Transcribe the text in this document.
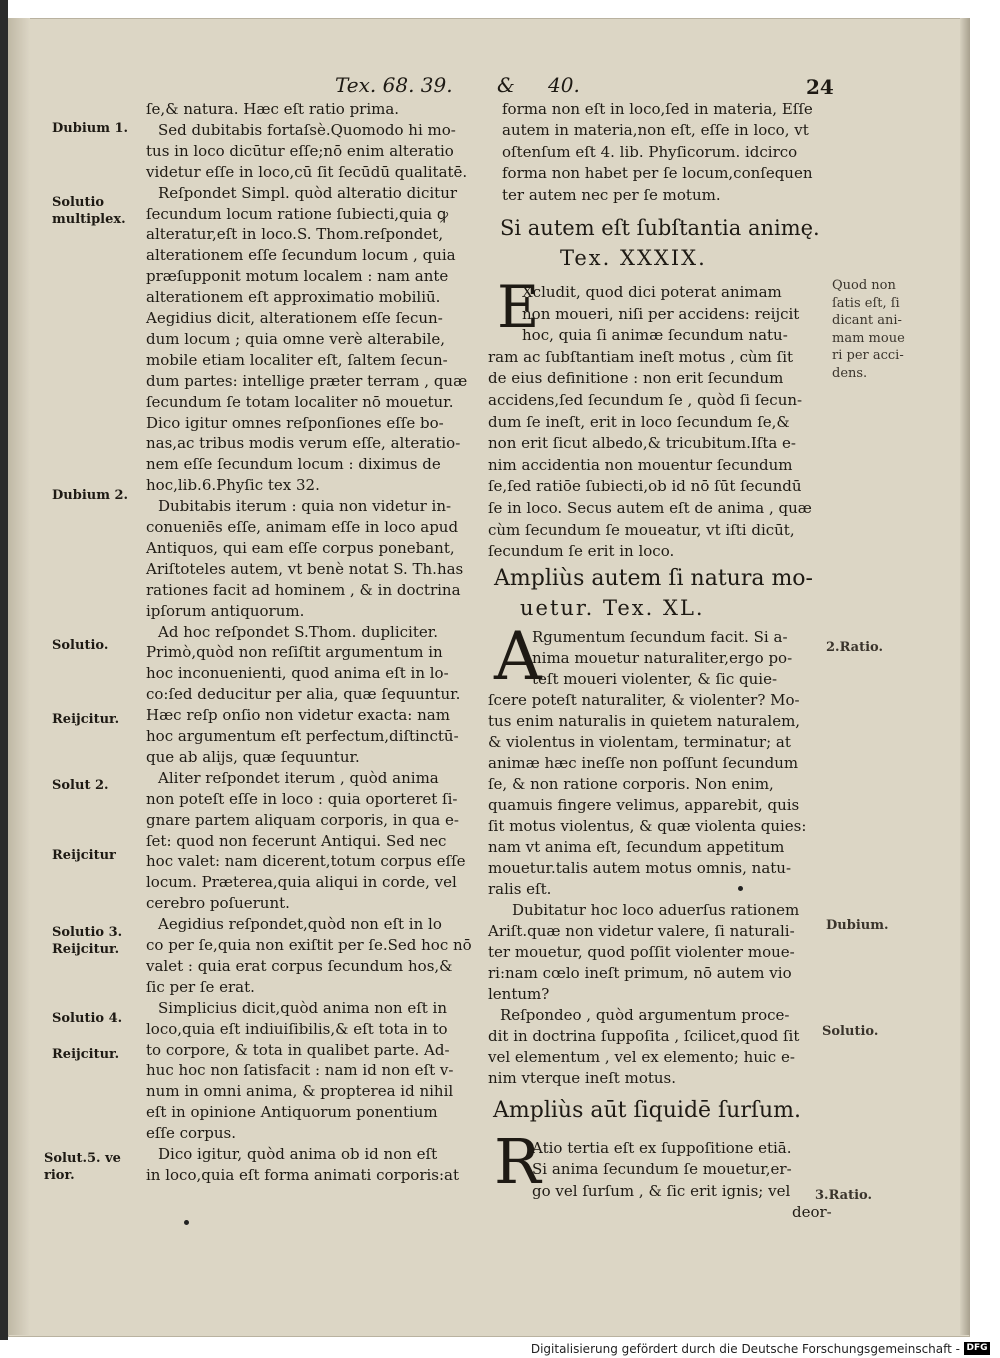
Tex. 68. 39. & 40.	24
ſe,& natura. Hæc eſt ratio prima.
Sed dubitabis fortaſsè.Quomodo hi mo-
tus in loco dicūtur eſſe;nō enim alteratio
videtur eſſe in loco,cū ſit ſecūdū qualitatē.
Reſpondet Simpl. quòd alteratio dicitur
ſecundum locum ratione ſubiecti,quia ꝙ
alteratur,eſt in loco.S. Thom.reſpondet,
alterationem eſſe ſecundum locum , quia
præſupponit motum localem : nam ante
alterationem eſt approximatio mobiliū.
Aegidius dicit, alterationem eſſe ſecun-
dum locum ; quia omne verè alterabile,
mobile etiam localiter eſt, ſaltem ſecun-
dum partes: intellige præter terram , quæ
ſecundum ſe totam localiter nō mouetur.
Dico igitur omnes reſponſiones eſſe bo-
nas,ac tribus modis verum eſſe, alteratio-
nem eſſe ſecundum locum : diximus de
hoc,lib.6.Phyſic tex 32.
Dubitabis iterum : quia non videtur in-
conueniēs eſſe, animam eſſe in loco apud
Antiquos, qui eam eſſe corpus ponebant,
Ariſtoteles autem, vt benè notat S. Th.has
rationes facit ad hominem , & in doctrina
ipſorum antiquorum.
Ad hoc reſpondet S.Thom. dupliciter.
Primò,quòd non reſiſtit argumentum in
hoc inconuenienti, quod anima eſt in lo-
co:ſed deducitur per alia, quæ ſequuntur.
Hæc reſp onſio non videtur exacta: nam
hoc argumentum eſt perfectum,diſtinctū-
que ab alijs, quæ ſequuntur.
Aliter reſpondet iterum , quòd anima
non poteſt eſſe in loco : quia oporteret ſi-
gnare partem aliquam corporis, in qua e-
ſet: quod non fecerunt Antiqui. Sed nec
hoc valet: nam dicerent,totum corpus eſſe
locum. Præterea,quia aliqui in corde, vel
cerebro poſuerunt.
Aegidius reſpondet,quòd non eſt in lo
co per ſe,quia non exiſtit per ſe.Sed hoc nō
valet : quia erat corpus ſecundum hos,&
ſic per ſe erat.
Simplicius dicit,quòd anima non eſt in
loco,quia eſt indiuiſibilis,& eſt tota in to
to corpore, & tota in qualibet parte. Ad-
huc hoc non ſatisfacit : nam id non eſt v-
num in omni anima, & propterea id nihil
eſt in opinione Antiquorum ponentium
eſſe corpus.
Dico igitur, quòd anima ob id non eſt
in loco,quia eſt forma animati corporis:at
Dubium 1.
Solutio
multiplex.
Dubium 2.
Solutio.
Reijcitur.
Solut 2.
Reijcitur
Solutio 3.
Reijcitur.
Solutio 4.
Reijcitur.
Solut.5. ve
rior.
forma non eſt in loco,ſed in materia, Eſſe
autem in materia,non eſt, eſſe in loco, vt
oſtenſum eſt 4. lib. Phyſicorum. idcirco
forma non habet per ſe locum,conſequen
ter autem nec per ſe motum.
Si autem eſt ſubſtantia animę.
Tex. XXXIX.
E
Xcludit, quod dici poterat animam
non moueri, niſi per accidens: reijcit
hoc, quia ſi animæ ſecundum natu-
ram ac ſubſtantiam ineſt motus , cùm ſit
de eius definitione : non erit ſecundum
accidens,ſed ſecundum ſe , quòd ſi ſecun-
dum ſe ineſt, erit in loco ſecundum ſe,&
non erit ſicut albedo,& tricubitum.Iſta e-
nim accidentia non mouentur ſecundum
ſe,ſed ratiōe ſubiecti,ob id nō ſūt ſecundū
ſe in loco. Secus autem eſt de anima , quæ
cùm ſecundum ſe moueatur, vt iſti dicūt,
ſecundum ſe erit in loco.
Ampliùs autem ſi natura mo-
uetur. Tex. XL.
A
Rgumentum ſecundum facit. Si a-
nima mouetur naturaliter,ergo po-
teſt moueri violenter, & ſic quie-
ſcere poteſt naturaliter, & violenter? Mo-
tus enim naturalis in quietem naturalem,
& violentus in violentam, terminatur; at
animæ hæc ineſſe non poſſunt ſecundum
ſe, & non ratione corporis. Non enim,
quamuis fingere velimus, apparebit, quis
ſit motus violentus, & quæ violenta quies:
nam vt anima eſt, ſecundum appetitum
mouetur.talis autem motus omnis, natu-
ralis eſt.
Dubitatur hoc loco aduerſus rationem
Ariſt.quæ non videtur valere, ſi naturali-
ter mouetur, quod poſſit violenter moue-
ri:nam cœlo ineſt primum, nō autem vio
lentum?
Reſpondeo , quòd argumentum proce-
dit in doctrina ſuppoſita , ſcilicet,quod ſit
vel elementum , vel ex elemento; huic e-
nim vterque ineſt motus.
Ampliùs aūt ſiquidē ſurſum.
R
Atio tertia eſt ex ſuppoſitione etiā.
Si anima ſecundum ſe mouetur,er-
go vel ſurſum , & ſic erit ignis; vel
deor-
Quod non
ſatis eſt, ſi
dicant ani-
mam moue
ri per acci-
dens.
2.Ratio.
Dubium.
Solutio.
3.Ratio.
Digitalisierung gefördert durch die Deutsche Forschungsgemeinschaft - DFG
